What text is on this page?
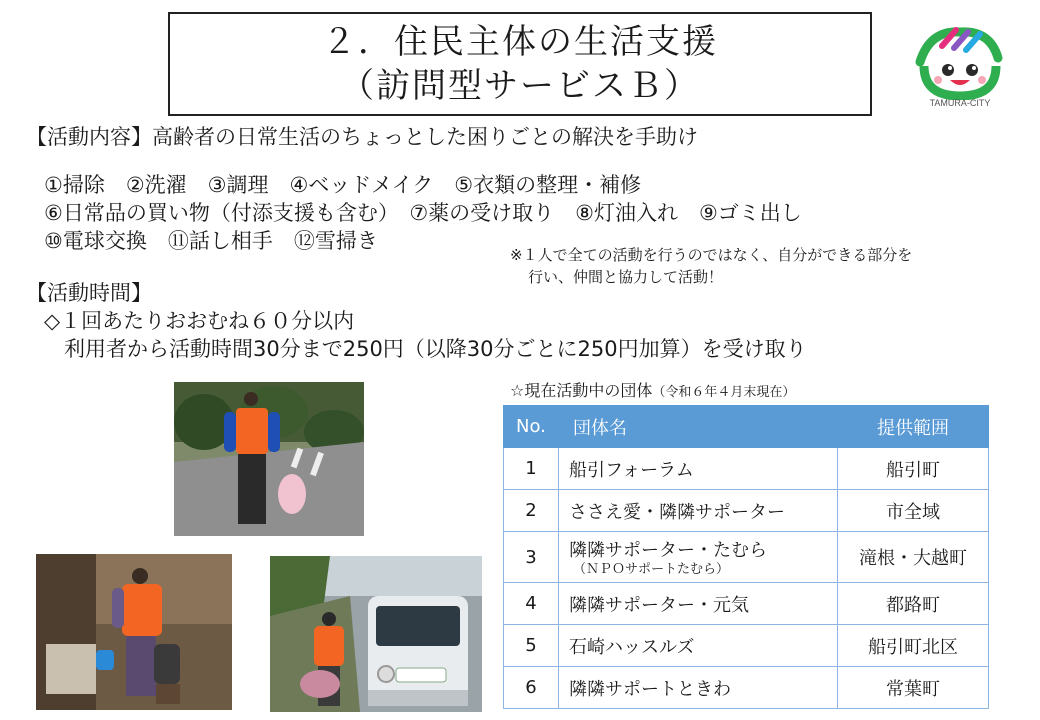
２．住民主体の生活支援
（訪問型サービスＢ）	TAMURA-CITY
【活動内容】高齢者の日常生活のちょっとした困りごとの解決を手助け
①掃除　②洗濯　③調理　④ベッドメイク　⑤衣類の整理・補修
⑥日常品の買い物（付添支援も含む）　⑦薬の受け取り　⑧灯油入れ　⑨ゴミ出し
⑩電球交換　⑪話し相手　⑫雪掃き
※１人で全ての活動を行うのではなく、自分ができる部分を
行い、仲間と協力して活動！
【活動時間】
◇１回あたりおおむね６０分以内
利用者から活動時間30分まで250円（以降30分ごとに250円加算）を受け取り
☆現在活動中の団体（令和６年４月末現在）
No.	団体名	提供範囲
1	船引フォーラム	船引町
2	ささえ愛・隣隣サポーター	市全域
3	隣隣サポーター・たむら
（ＮＰＯサポートたむら）	滝根・大越町
4	隣隣サポーター・元気	都路町
5	石崎ハッスルズ	船引町北区
6	隣隣サポートときわ	常葉町
